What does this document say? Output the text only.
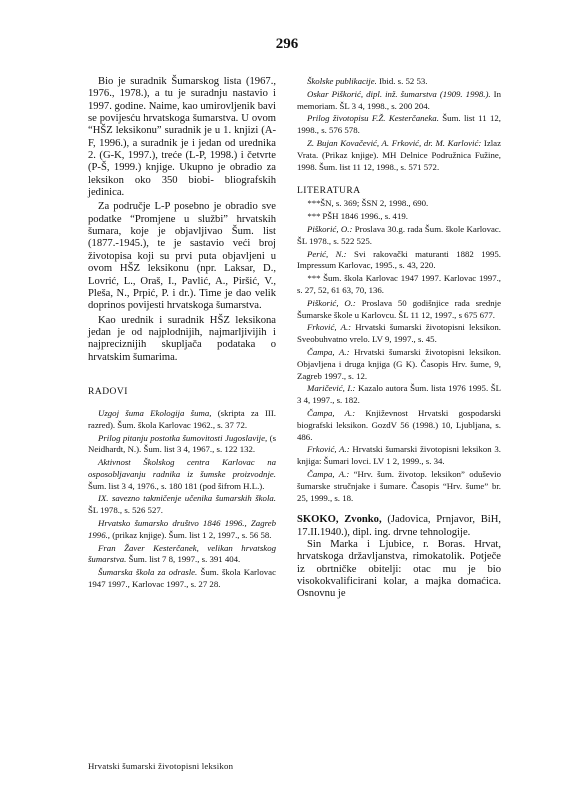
296

Bio je suradnik Šumarskog lista (1967., 1976., 1978.), a tu je suradnju nastavio i 1997. godine. Naime, kao umirovljenik bavi se povijesću hrvatskoga šumarstva. U ovom “HŠZ leksikonu” suradnik je u 1. knjizi (A-F, 1996.), a suradnik je i jedan od urednika 2. (G-K, 1997.), treće (L-P, 1998.) i četvrte (P-Š, 1999.) knjige. Ukupno je obradio za leksikon oko 350 biobi- bliografskih jedinica.

Za područje L-P posebno je obradio sve podatke “Promjene u službi” hrvatskih šumara, koje je objavljivao Šum. list (1877.-1945.), te je sastavio veći broj životopisa koji su prvi puta objavljeni u ovom HŠZ leksikonu (npr. Laksar, D., Lovrić, L., Oraš, I., Pavlić, A., Piršić, V., Pleša, N., Prpić, P. i dr.). Time je dao velik doprinos povijesti hrvatskoga šumarstva.

Kao urednik i suradnik HŠZ leksikona jedan je od najplodnijih, najmarljivijih i najpreciznijih skupljača podataka o hrvatskim šumarima.

RADOVI

Uzgoj šuma Ekologija šuma, (skripta za III. razred). Šum. škola Karlovac 1962., s. 37 72.

Prilog pitanju postotka šumovitosti Jugoslavije, (s Neidhardt, N.). Šum. list 3 4, 1967., s. 122 132.

Aktivnost Školskog centra Karlovac na osposobljavanju radnika iz šumske proizvodnje. Šum. list 3 4, 1976., s. 180 181 (pod šifrom H.L.).

IX. savezno takmičenje učenika šumarskih škola. ŠL 1978., s. 526 527.

Hrvatsko šumarsko društvo 1846 1996., Zagreb 1996., (prikaz knjige). Šum. list 1 2, 1997., s. 56 58.

Fran Žaver Kesterčanek, velikan hrvatskog šumarstva. Šum. list 7 8, 1997., s. 391 404.

Šumarska škola za odrasle. Šum. škola Karlovac 1947 1997., Karlovac 1997., s. 27 28.

Školske publikacije. Ibid. s. 52 53.

Oskar Piškorić, dipl. inž. šumarstva (1909. 1998.). In memoriam. ŠL 3 4, 1998., s. 200 204.

Prilog životopisu F.Ž. Kesterčaneka. Šum. list 11 12, 1998., s. 576 578.

Z. Bujan Kovačević, A. Frković, dr. M. Karlović: Izlaz Vrata. (Prikaz knjige). MH Delnice Podružnica Fužine, 1998. Šum. list 11 12, 1998., s. 571 572.

LITERATURA

***ŠN, s. 369; ŠSN 2, 1998., 690.

*** PŠH 1846 1996., s. 419.

Piškorić, O.: Proslava 30.g. rada Šum. škole Karlovac. ŠL 1978., s. 522 525.

Perić, N.: Svi rakovački maturanti 1882 1995. Impressum Karlovac, 1995., s. 43, 220.

*** Šum. škola Karlovac 1947 1997. Karlovac 1997., s. 27, 52, 61 63, 70, 136.

Piškorić, O.: Proslava 50 godišnjice rada srednje Šumarske škole u Karlovcu. ŠL 11 12, 1997., s 675 677.

Frković, A.: Hrvatski šumarski životopisni leksikon. Sveobuhvatno vrelo. LV 9, 1997., s. 45.

Čampa, A.: Hrvatski šumarski životopisni leksikon. Objavljena i druga knjiga (G K). Časopis Hrv. šume, 9, Zagreb 1997., s. 12.

Maričević, I.: Kazalo autora Šum. lista 1976 1995. ŠL 3 4, 1997., s. 182.

Čampa, A.: Književnost Hrvatski gospodarski biografski leksikon. GozdV 56 (1998.) 10, Ljubljana, s. 486.

Frković, A.: Hrvatski šumarski životopisni leksikon 3. knjiga: Šumari lovci. LV 1 2, 1999., s. 34.

Čampa, A.: “Hrv. šum. životop. leksikon” oduševio šumarske stručnjake i šumare. Časopis “Hrv. šume” br. 25, 1999., s. 18.

SKOKO, Zvonko, (Jadovica, Prnjavor, BiH, 17.II.1940.), dipl. ing. drvne tehnologije.

Sin Marka i Ljubice, r. Boras. Hrvat, hrvatskoga državljanstva, rimokatolik. Potječe iz obrtničke obitelji: otac mu je bio visokokvalificirani kolar, a majka domaćica. Osnovnu je

Hrvatski šumarski životopisni leksikon
